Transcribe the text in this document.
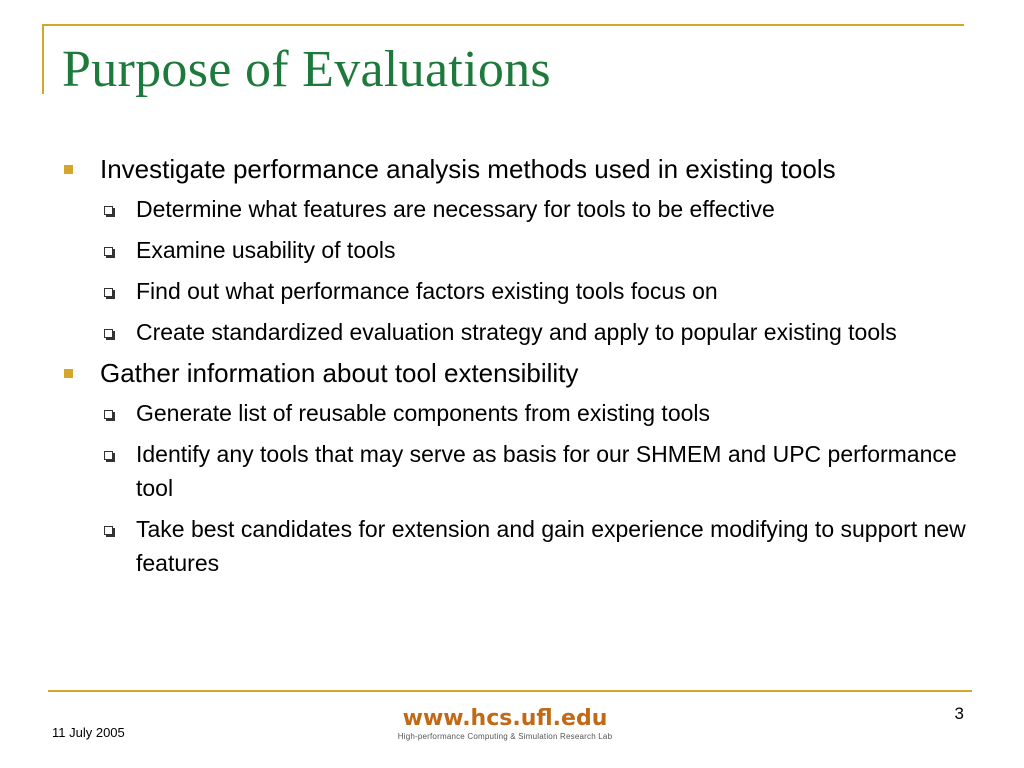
Purpose of Evaluations
Investigate performance analysis methods used in existing tools
Determine what features are necessary for tools to be effective
Examine usability of tools
Find out what performance factors existing tools focus on
Create standardized evaluation strategy and apply to popular existing tools
Gather information about tool extensibility
Generate list of reusable components from existing tools
Identify any tools that may serve as basis for our SHMEM and UPC performance tool
Take best candidates for extension and gain experience modifying to support new features
11 July 2005
www.hcs.ufl.edu
High-performance Computing & Simulation Research Lab
3
